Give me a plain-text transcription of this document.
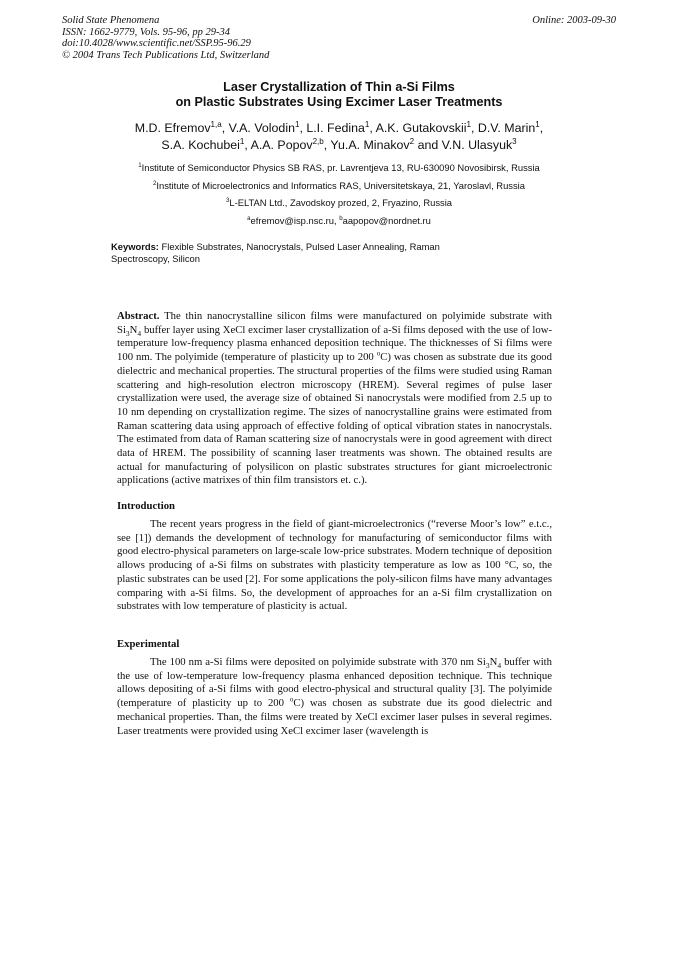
Solid State Phenomena
ISSN: 1662-9779, Vols. 95-96, pp 29-34
doi:10.4028/www.scientific.net/SSP.95-96.29
© 2004 Trans Tech Publications Ltd, Switzerland
Online: 2003-09-30
Laser Crystallization of Thin a-Si Films
on Plastic Substrates Using Excimer Laser Treatments
M.D. Efremov$^{1,a}$, V.A. Volodin$^1$, L.I. Fedina$^1$, A.K. Gutakovskii$^1$, D.V. Marin$^1$,
S.A. Kochubei$^1$, A.A. Popov$^{2,b}$, Yu.A. Minakov$^2$ and V.N. Ulasyuk$^3$
$^1$Institute of Semiconductor Physics SB RAS, pr. Lavrentjeva 13, RU-630090 Novosibirsk, Russia
$^2$Institute of Microelectronics and Informatics RAS, Universitetskaya, 21, Yaroslavl, Russia
$^3$L-ELTAN Ltd., Zavodskoy prozed, 2, Fryazino, Russia
$^a$efremov@isp.nsc.ru, $^b$aapopov@nordnet.ru
Keywords: Flexible Substrates, Nanocrystals, Pulsed Laser Annealing, Raman Spectroscopy, Silicon
Abstract. The thin nanocrystalline silicon films were manufactured on polyimide substrate with $Si_3N_4$ buffer layer using XeCl excimer laser crystallization of a-Si films deposed with the use of low-temperature low-frequency plasma enhanced deposition technique. The thicknesses of Si films were 100 nm. The polyimide (temperature of plasticity up to 200 $^o$C) was chosen as substrate due its good dielectric and mechanical properties. The structural properties of the films were studied using Raman scattering and high-resolution electron microscopy (HREM). Several regimes of pulse laser crystallization were used, the average size of obtained Si nanocrystals were modified from 2.5 up to 10 nm depending on crystallization regime. The sizes of nanocrystalline grains were estimated from Raman scattering data using approach of effective folding of optical vibration states in nanocrystals. The estimated from data of Raman scattering size of nanocrystals were in good agreement with direct data of HREM. The possibility of scanning laser treatments was shown. The obtained results are actual for manufacturing of polysilicon on plastic substrates structures for giant microelectronic applications (active matrixes of thin film transistors et. c.).
Introduction
The recent years progress in the field of giant-microelectronics (“reverse Moor’s low” e.t.c., see [1]) demands the development of technology for manufacturing of semiconductor films with good electro-physical parameters on large-scale low-price substrates. Modern technique of deposition allows producing of a-Si films on substrates with plasticity temperature as low as 100 °C, so, the plastic substrates can be used [2]. For some applications the poly-silicon films have many advantages comparing with a-Si films. So, the development of approaches for an a-Si film crystallization on substrates with low temperature of plasticity is actual.
Experimental
The 100 nm a-Si films were deposited on polyimide substrate with 370 nm $Si_3N_4$ buffer with the use of low-temperature low-frequency plasma enhanced deposition technique. This technique allows depositing of a-Si films with good electro-physical and structural quality [3]. The polyimide (temperature of plasticity up to 200 $^o$C) was chosen as substrate due its good dielectric and mechanical properties. Than, the films were treated by XeCl excimer laser pulses in several regimes. Laser treatments were provided using XeCl excimer laser (wavelength is
